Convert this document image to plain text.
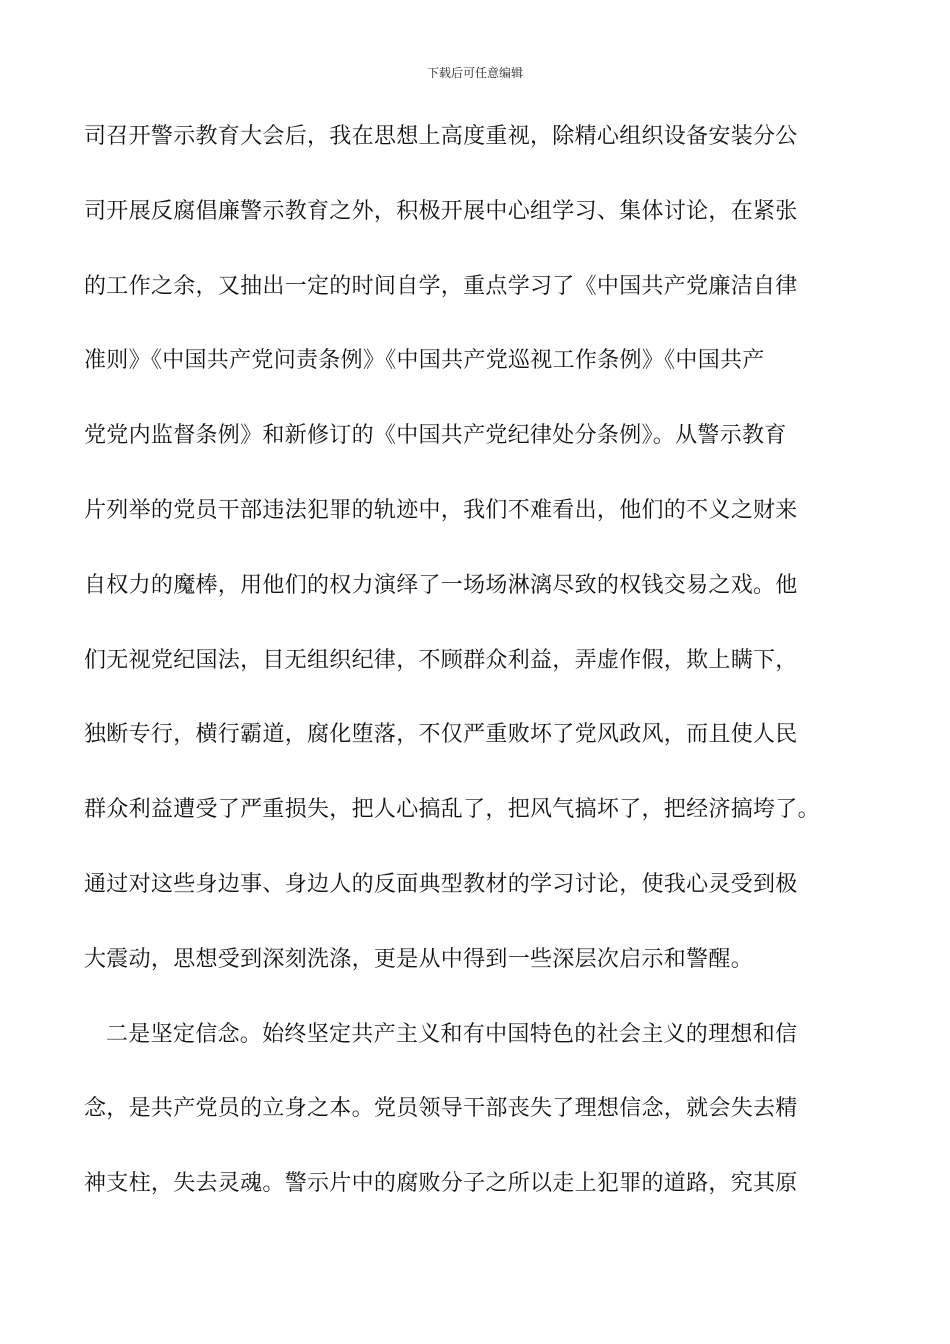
下载后可任意编辑
司召开警示教育大会后，我在思想上高度重视，除精心组织设备安装分公
司开展反腐倡廉警示教育之外，积极开展中心组学习、集体讨论，在紧张
的工作之余，又抽出一定的时间自学，重点学习了《中国共产党廉洁自律
准则》《中国共产党问责条例》《中国共产党巡视工作条例》《中国共产
党党内监督条例》和新修订的《中国共产党纪律处分条例》。从警示教育
片列举的党员干部违法犯罪的轨迹中，我们不难看出，他们的不义之财来
自权力的魔棒，用他们的权力演绎了一场场淋漓尽致的权钱交易之戏。他
们无视党纪国法，目无组织纪律，不顾群众利益，弄虚作假，欺上瞒下，
独断专行，横行霸道，腐化堕落，不仅严重败坏了党风政风，而且使人民
群众利益遭受了严重损失，把人心搞乱了，把风气搞坏了，把经济搞垮了。
通过对这些身边事、身边人的反面典型教材的学习讨论，使我心灵受到极
大震动，思想受到深刻洗涤，更是从中得到一些深层次启示和警醒。
二是坚定信念。始终坚定共产主义和有中国特色的社会主义的理想和信
念，是共产党员的立身之本。党员领导干部丧失了理想信念，就会失去精
神支柱，失去灵魂。警示片中的腐败分子之所以走上犯罪的道路，究其原
